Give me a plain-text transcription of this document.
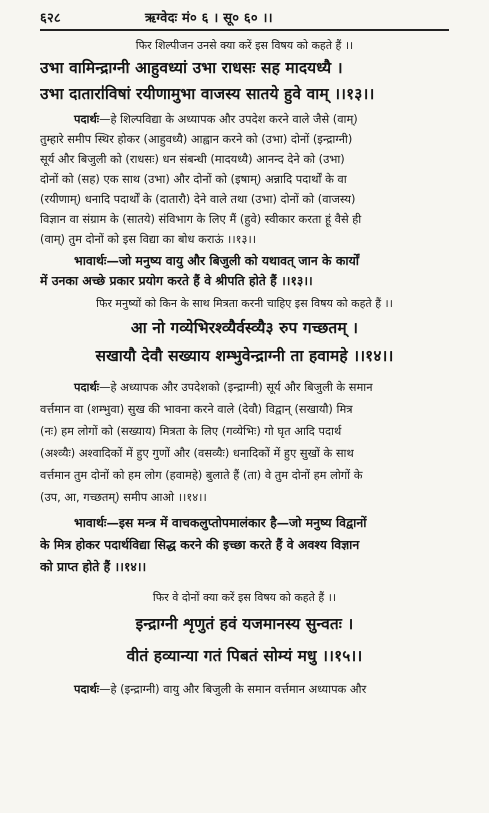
६२८	ऋग्वेदः मं० ६ । सू० ६० ।।
फिर शिल्पीजन उनसे क्या करें इस विषय को कहते हैं ।।
उभा वामिन्द्राग्नी आहुवध्यां उभा राधसः सह मादयध्यै ।
उभा दातारा॑विषां रयीणामुभा वाजस्य सातये हुवे वाम् ।।१३।।
पदार्थः—हे शिल्पविद्या के अध्यापक और उपदेश करने वाले जैसे (वाम्)
तुम्हारे समीप स्थिर होकर (आहुवध्यै) आह्वान करने को (उभा) दोनों (इन्द्राग्नी)
सूर्य और बिजुली को (राधसः) धन संबन्धी (मादयध्यै) आनन्द देने को (उभा)
दोनों को (सह) एक साथ (उभा) और दोनों को (इषाम्) अन्नादि पदार्थों के वा
(रयीणाम्) धनादि पदार्थों के (दातारौ) देने वाले तथा (उभा) दोनों को (वाजस्य)
विज्ञान वा संग्राम के (सातये) संविभाग के लिए मैं (हुवे) स्वीकार करता हूं वैसे ही
(वाम्) तुम दोनों को इस विद्या का बोध कराऊं ।।१३।।
भावार्थः—जो मनुष्य वायु और बिजुली को यथावत् जान के कार्यों
में उनका अच्छे प्रकार प्रयोग करते हैं वे श्रीपति होते हैं ।।१३।।
फिर मनुष्यों को किन के साथ मित्रता करनी चाहिए इस विषय को कहते हैं ।।
आ नो गव्येभिरश्व्यैर्वस्व्यै३ रुप गच्छतम् ।
सखायौ देवौ सख्याय शम्भुवेन्द्राग्नी ता हवामहे ।।१४।।
पदार्थः—हे अध्यापक और उपदेशको (इन्द्राग्नी) सूर्य और बिजुली के समान
वर्त्तमान वा (शम्भुवा) सुख की भावना करने वाले (देवौ) विद्वान् (सखायौ) मित्र
(नः) हम लोगों को (सख्याय) मित्रता के लिए (गव्येभिः) गो घृत आदि पदार्थ
(अश्व्यैः) अश्वादिकों में हुए गुणों और (वसव्यैः) धनादिकों में हुए सुखों के साथ
वर्त्तमान तुम दोनों को हम लोग (हवामहे) बुलाते हैं (ता) वे तुम दोनों हम लोगों के
(उप, आ, गच्छतम्) समीप आओ ।।१४।।
भावार्थः—इस मन्त्र में वाचकलुप्तोपमालंकार है—जो मनुष्य विद्वानों
के मित्र होकर पदार्थविद्या सिद्ध करने की इच्छा करते हैं वे अवश्य विज्ञान
को प्राप्त होते हैं ।।१४।।
फिर वे दोनों क्या करें इस विषय को कहते हैं ।।
इन्द्राग्नी शृणुतं हवं यजमानस्य सुन्वतः ।
वीतं हव्यान्या गतं पिबतं सोम्यं मधु ।।१५।।
पदार्थः—हे (इन्द्राग्नी) वायु और बिजुली के समान वर्त्तमान अध्यापक और
